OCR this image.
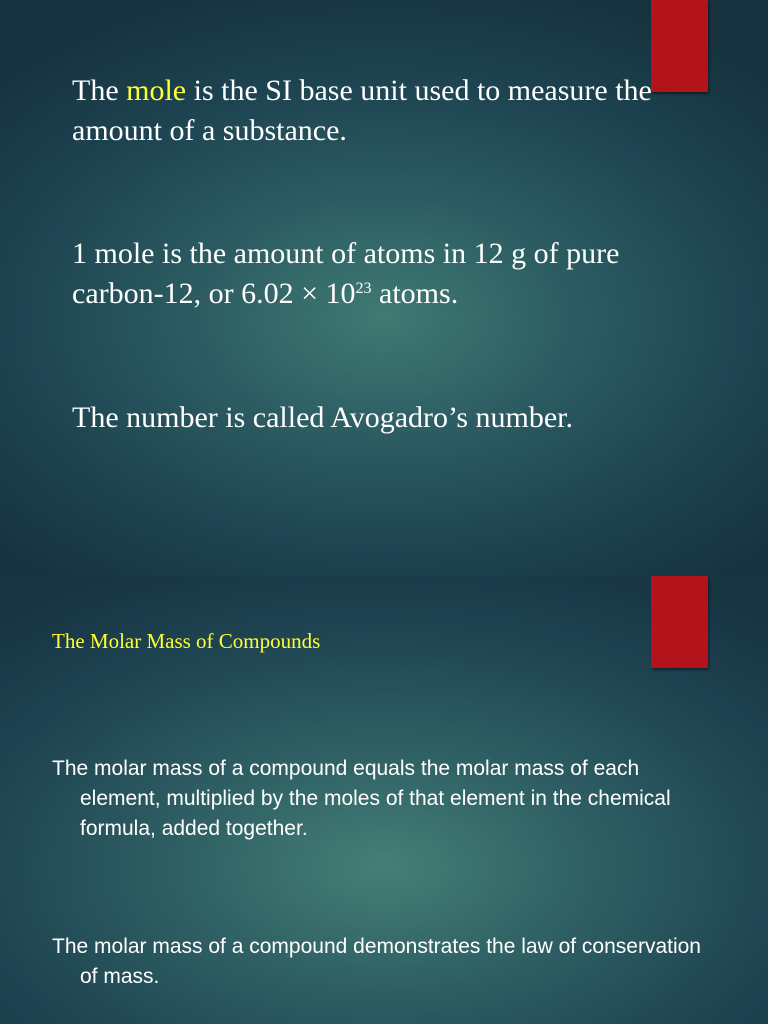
The mole is the SI base unit used to measure the amount of a substance.
1 mole is the amount of atoms in 12 g of pure carbon-12, or $6.02 \times 10^{23}$ atoms.
The number is called Avogadro’s number.
The Molar Mass of Compounds
The molar mass of a compound equals the molar mass of each element, multiplied by the moles of that element in the chemical formula, added together.
The molar mass of a compound demonstrates the law of conservation of mass.
